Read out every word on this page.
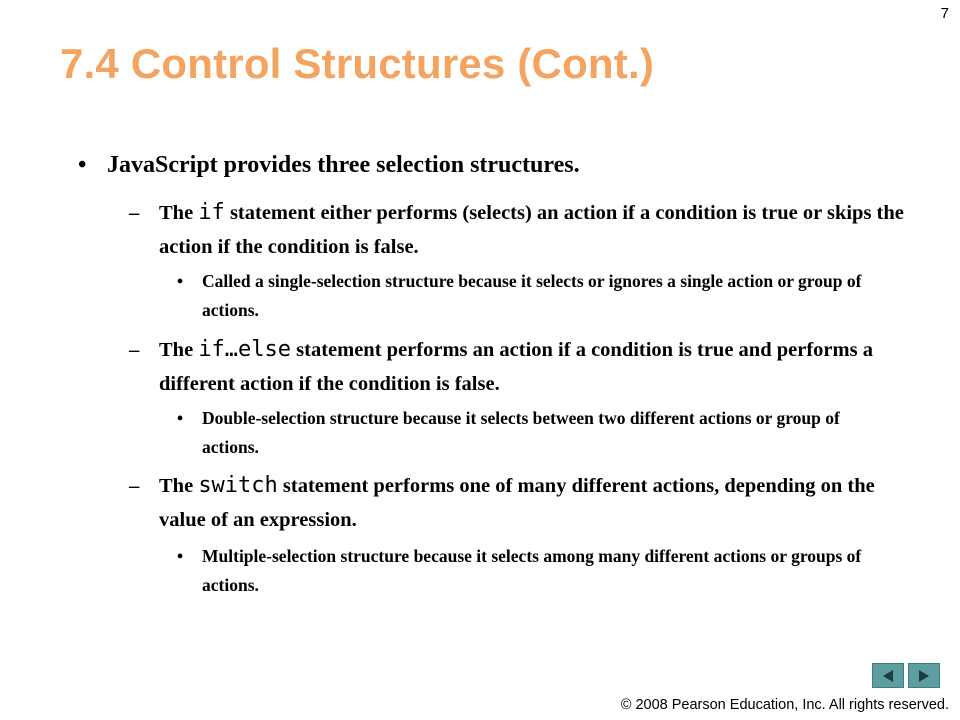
7
7.4 Control Structures (Cont.)
• JavaScript provides three selection structures.
– The if statement either performs (selects) an action if a condition is true or skips the action if the condition is false.
• Called a single-selection structure because it selects or ignores a single action or group of actions.
– The if…else statement performs an action if a condition is true and performs a different action if the condition is false.
• Double-selection structure because it selects between two different actions or group of actions.
– The switch statement performs one of many different actions, depending on the value of an expression.
• Multiple-selection structure because it selects among many different actions or groups of actions.
© 2008 Pearson Education, Inc. All rights reserved.
